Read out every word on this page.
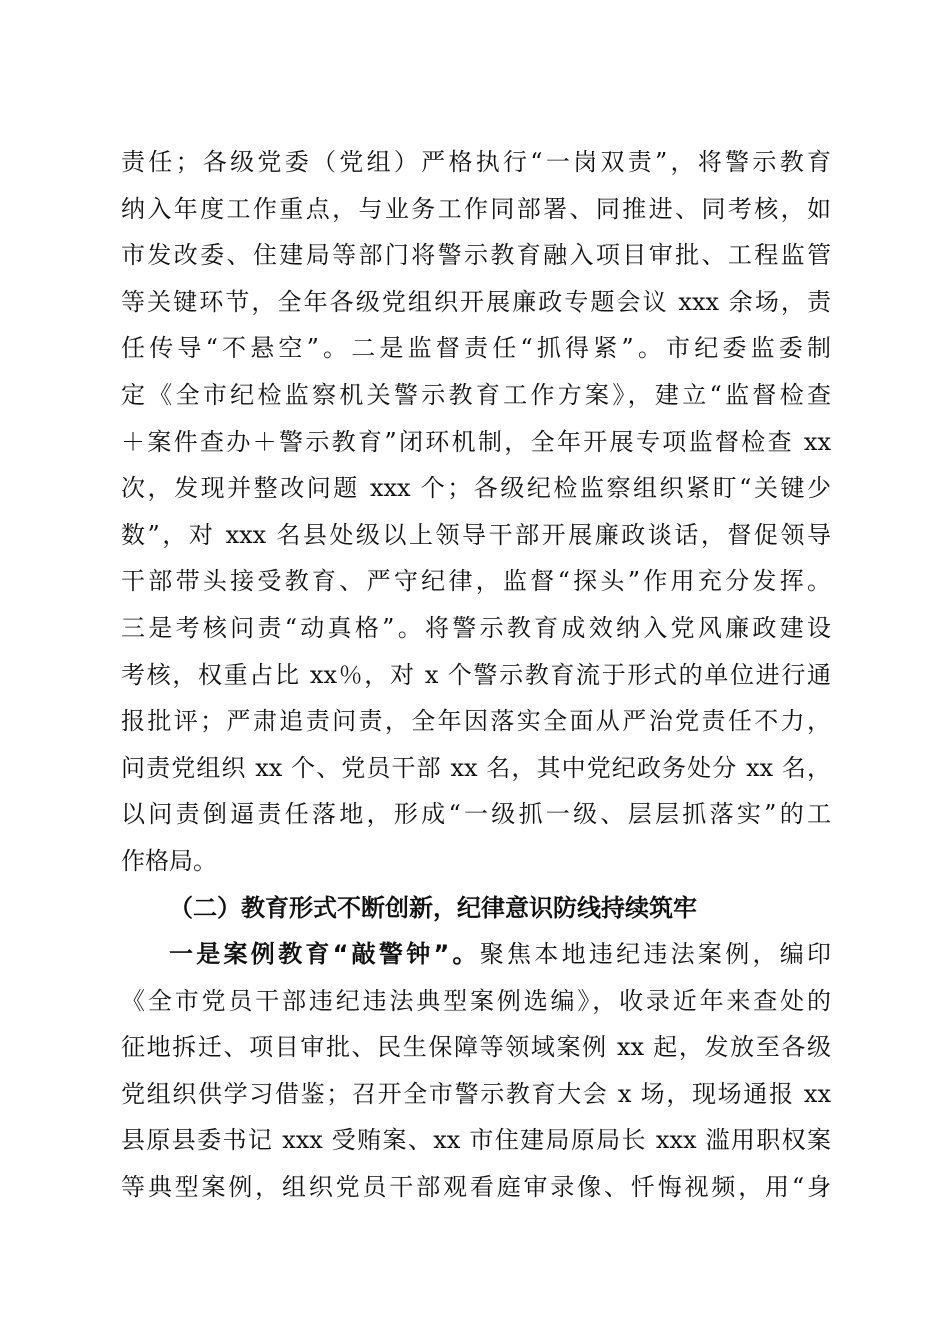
责任；各级党委（党组）严格执行“一岗双责”，将警示教育
纳入年度工作重点，与业务工作同部署、同推进、同考核，如
市发改委、住建局等部门将警示教育融入项目审批、工程监管
等关键环节，全年各级党组织开展廉政专题会议 xxx 余场，责
任传导“不悬空”。二是监督责任“抓得紧”。市纪委监委制
定《全市纪检监察机关警示教育工作方案》，建立“监督检查
＋案件查办＋警示教育”闭环机制，全年开展专项监督检查 xx
次，发现并整改问题 xxx 个；各级纪检监察组织紧盯“关键少
数”，对 xxx 名县处级以上领导干部开展廉政谈话，督促领导
干部带头接受教育、严守纪律，监督“探头”作用充分发挥。
三是考核问责“动真格”。将警示教育成效纳入党风廉政建设
考核，权重占比 xx％，对 x 个警示教育流于形式的单位进行通
报批评；严肃追责问责，全年因落实全面从严治党责任不力，
问责党组织 xx 个、党员干部 xx 名，其中党纪政务处分 xx 名，
以问责倒逼责任落地，形成“一级抓一级、层层抓落实”的工
作格局。
（二）教育形式不断创新，纪律意识防线持续筑牢
一是案例教育“敲警钟”。聚焦本地违纪违法案例，编印
《全市党员干部违纪违法典型案例选编》，收录近年来查处的
征地拆迁、项目审批、民生保障等领域案例 xx 起，发放至各级
党组织供学习借鉴；召开全市警示教育大会 x 场，现场通报 xx
县原县委书记 xxx 受贿案、xx 市住建局原局长 xxx 滥用职权案
等典型案例，组织党员干部观看庭审录像、忏悔视频，用“身
